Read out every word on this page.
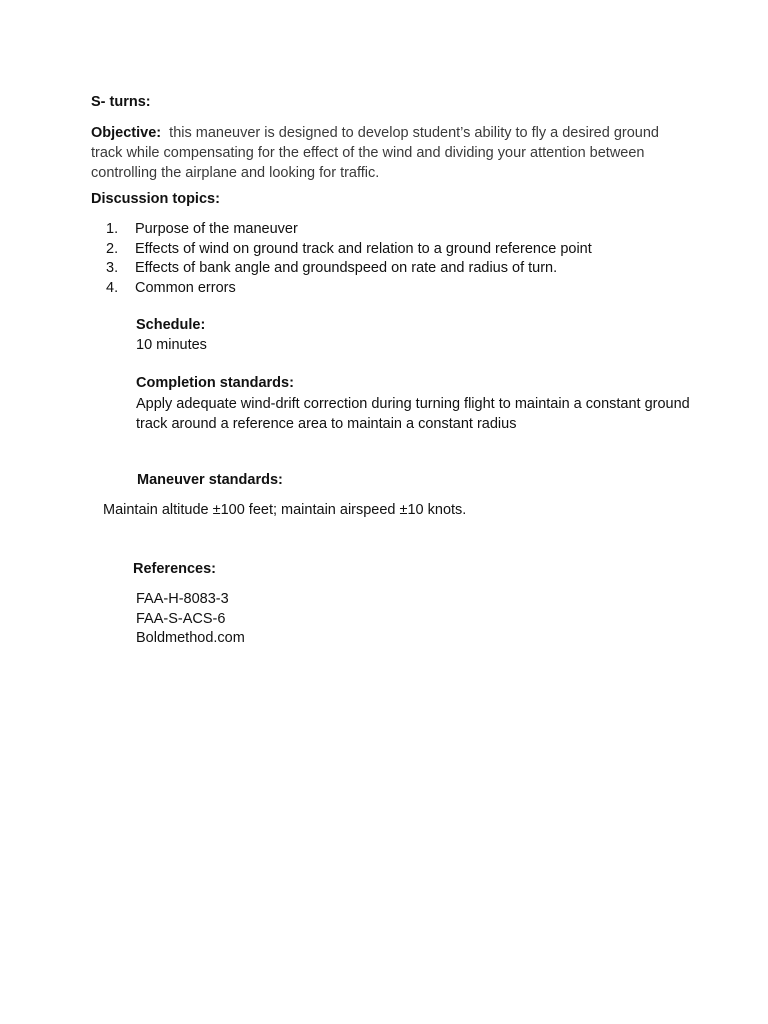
S- turns:

Objective: this maneuver is designed to develop student’s ability to fly a desired ground track while compensating for the effect of the wind and dividing your attention between controlling the airplane and looking for traffic.

Discussion topics:

1. Purpose of the maneuver
2. Effects of wind on ground track and relation to a ground reference point
3. Effects of bank angle and groundspeed on rate and radius of turn.
4. Common errors

Schedule:

10 minutes

Completion standards:

Apply adequate wind-drift correction during turning flight to maintain a constant ground track around a reference area to maintain a constant radius

Maneuver standards:

Maintain altitude ±100 feet; maintain airspeed ±10 knots.

References:

FAA-H-8083-3
FAA-S-ACS-6
Boldmethod.com
